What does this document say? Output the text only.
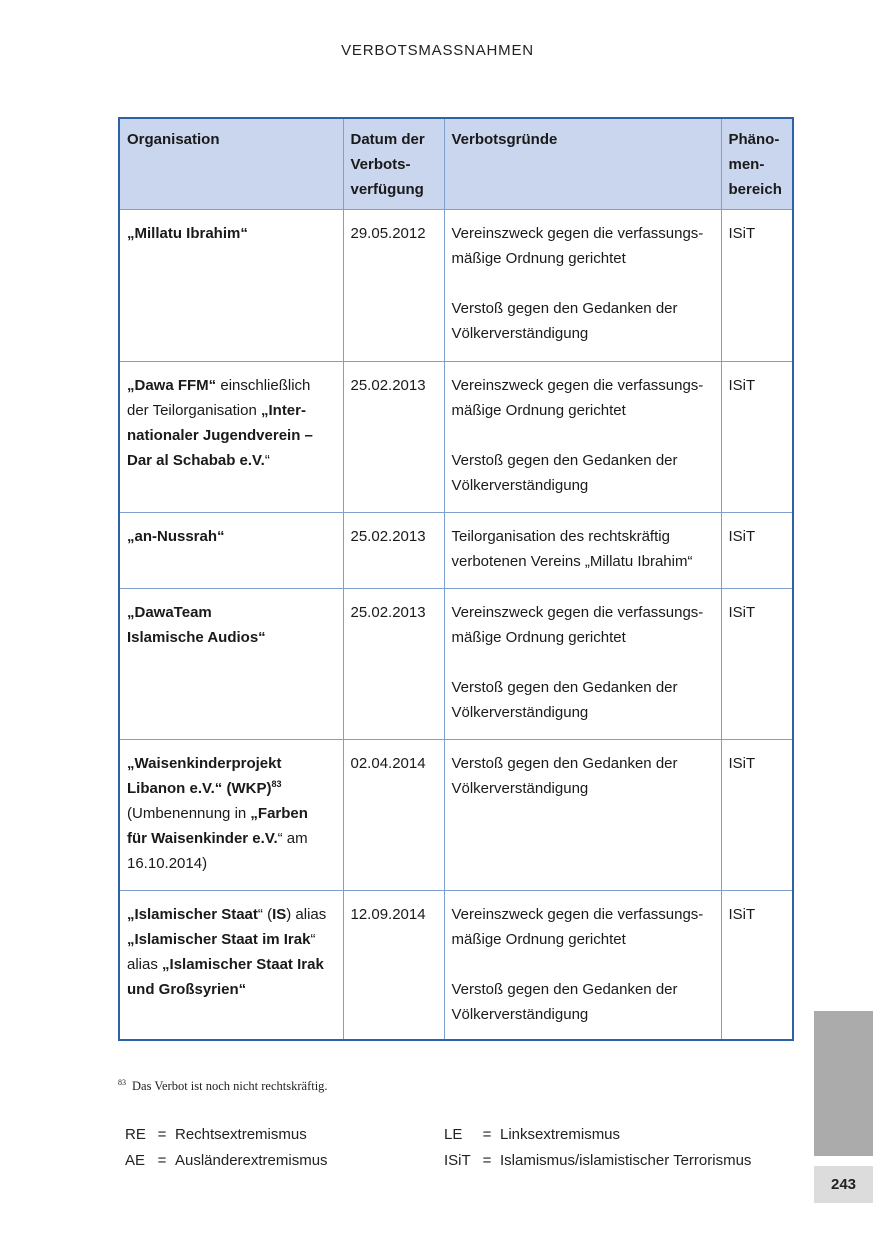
VERBOTSMASSNAHMEN
Organisation	Datum der
Verbots-
verfügung	Verbotsgründe	Phäno-
men-
bereich
„Millatu Ibrahim“	29.05.2012	Vereinszweck gegen die verfassungs-
mäßige Ordnung gerichtet
Verstoß gegen den Gedanken der
Völkerverständigung	ISiT
„Dawa FFM“ einschließlich
der Teilorganisation „Inter-
nationaler Jugendverein –
Dar al Schabab e.V.“	25.02.2013	Vereinszweck gegen die verfassungs-
mäßige Ordnung gerichtet
Verstoß gegen den Gedanken der
Völkerverständigung	ISiT
„an-Nussrah“	25.02.2013	Teilorganisation des rechtskräftig
verbotenen Vereins „Millatu Ibrahim“	ISiT
„DawaTeam
Islamische Audios“	25.02.2013	Vereinszweck gegen die verfassungs-
mäßige Ordnung gerichtet
Verstoß gegen den Gedanken der
Völkerverständigung	ISiT
„Waisenkinderprojekt
Libanon e.V.“ (WKP)$^{83}$
(Umbenennung in „Farben
für Waisenkinder e.V.“ am
16.10.2014)	02.04.2014	Verstoß gegen den Gedanken der
Völkerverständigung	ISiT
„Islamischer Staat“ (IS) alias
„Islamischer Staat im Irak“
alias „Islamischer Staat Irak
und Großsyrien“	12.09.2014	Vereinszweck gegen die verfassungs-
mäßige Ordnung gerichtet
Verstoß gegen den Gedanken der
Völkerverständigung	ISiT
$^{83}$ Das Verbot ist noch nicht rechtskräftig.
RE = Rechtsextremismus
AE = Ausländerextremismus
LE = Linksextremismus
ISiT = Islamismus/islamistischer Terrorismus
243
